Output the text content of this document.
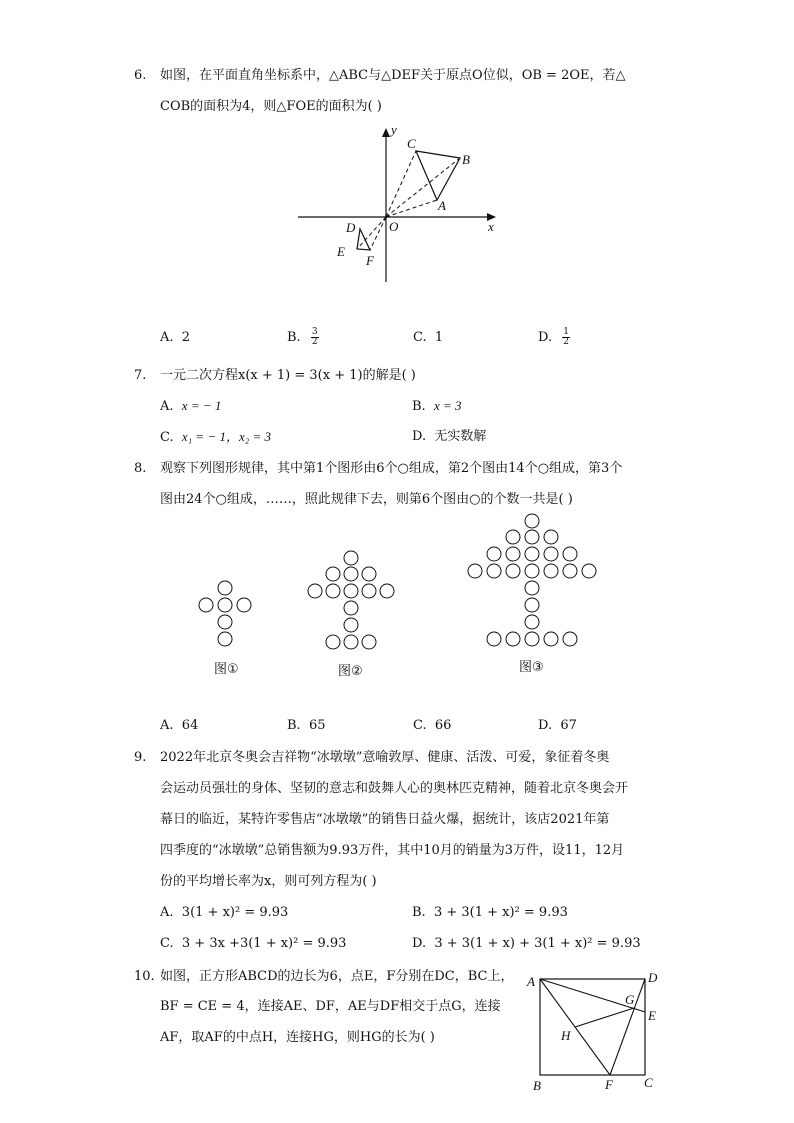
6. 如图，在平面直角坐标系中，△ABC与△DEF关于原点O位似，OB = 2OE，若△
COB的面积为4，则△FOE的面积为( )
y
x
O
C
B
A
D
E
F
A. 2	B. $\frac{3}{2}$	C. 1	D. $\frac{1}{2}$
7. 一元二次方程x(x + 1) = 3(x + 1)的解是( )
A. x = − 1	B. x = 3
C. x₁ = − 1，x₂ = 3	D. 无实数解
8. 观察下列图形规律，其中第1个图形由6个○组成，第2个图由14个○组成，第3个
图由24个○组成，……，照此规律下去，则第6个图由○的个数一共是( )
图①	图②	图③
A. 64	B. 65	C. 66	D. 67
9. 2022年北京冬奥会吉祥物“冰墩墩”意喻敦厚、健康、活泼、可爱，象征着冬奥
会运动员强壮的身体、坚韧的意志和鼓舞人心的奥林匹克精神，随着北京冬奥会开
幕日的临近，某特许零售店“冰墩墩”的销售日益火爆，据统计，该店2021年第
四季度的“冰墩墩”总销售额为9.93万件，其中10月的销量为3万件，设11，12月
份的平均增长率为x，则可列方程为( )
A. 3(1 + x)² = 9.93	B. 3 + 3(1 + x)² = 9.93
C. 3 + 3x +3(1 + x)² = 9.93	D. 3 + 3(1 + x) + 3(1 + x)² = 9.93
10. 如图，正方形ABCD的边长为6，点E，F分别在DC，BC上，
BF = CE = 4，连接AE、DF，AE与DF相交于点G，连接
AF，取AF的中点H，连接HG，则HG的长为( )
A	D
E
G
H
B	F C
